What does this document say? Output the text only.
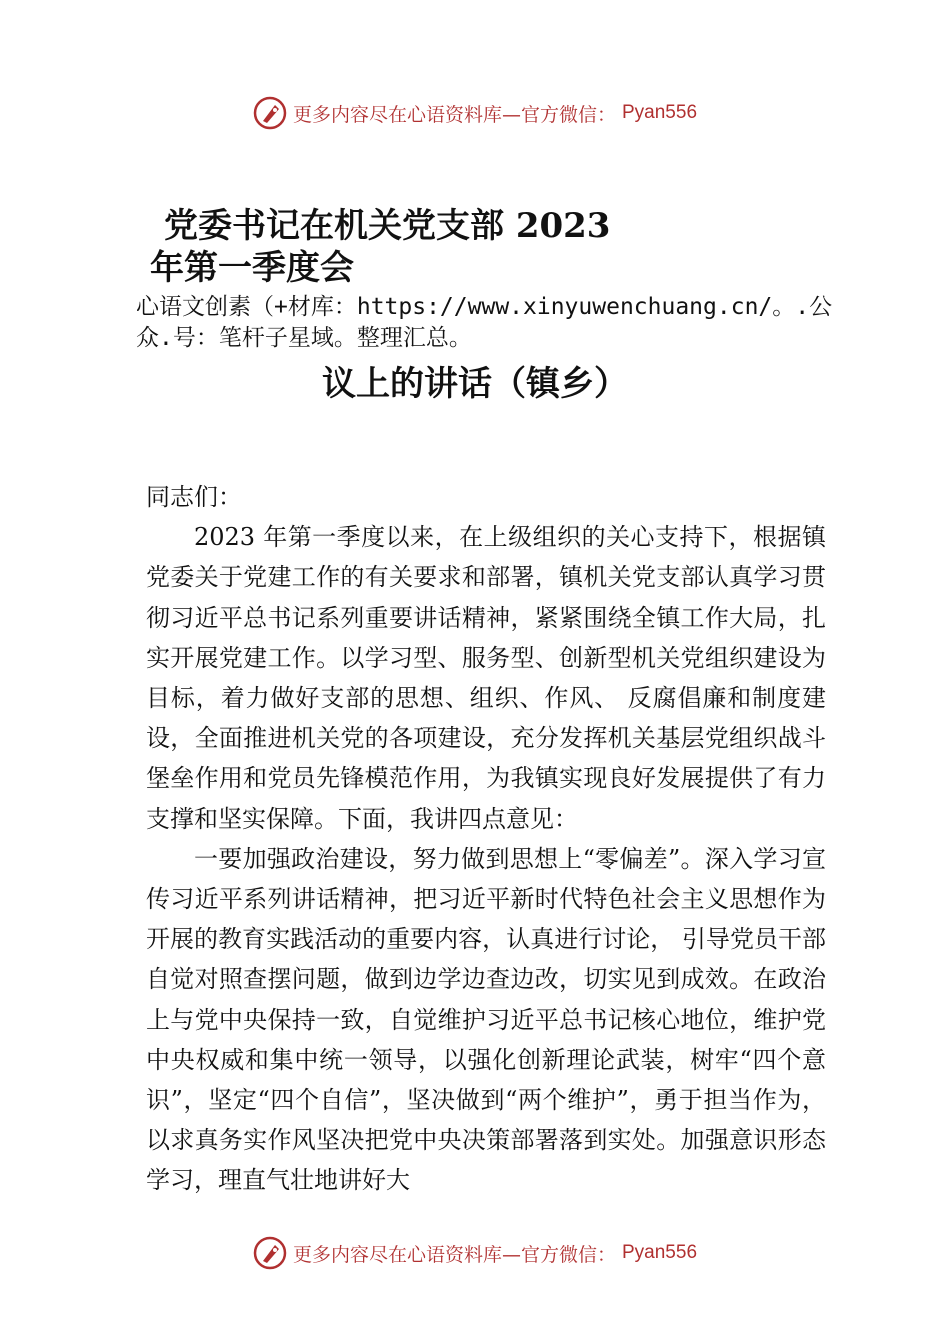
更多内容尽在心语资料库—官方微信： Pyan556
党委书记在机关党支部 2023
年第一季度会
心语文创素（+材库：https://www.xinyuwenchuang.cn/。.公众.号：笔杆子星域。整理汇总。
议上的讲话（镇乡）

同志们：

2023 年第一季度以来，在上级组织的关心支持下，根据镇党委关于党建工作的有关要求和部署，镇机关党支部认真学习贯彻习近平总书记系列重要讲话精神，紧紧围绕全镇工作大局，扎实开展党建工作。以学习型、服务型、创新型机关党组织建设为目标，着力做好支部的思想、组织、作风、 反腐倡廉和制度建设，全面推进机关党的各项建设，充分发挥机关基层党组织战斗堡垒作用和党员先锋模范作用，为我镇实现良好发展提供了有力支撑和坚实保障。下面，我讲四点意见：

一要加强政治建设，努力做到思想上“零偏差”。深入学习宣传习近平系列讲话精神，把习近平新时代特色社会主义思想作为开展的教育实践活动的重要内容，认真进行讨论， 引导党员干部自觉对照查摆问题，做到边学边查边改，切实见到成效。在政治上与党中央保持一致，自觉维护习近平总书记核心地位，维护党中央权威和集中统一领导，以强化创新理论武装，树牢“四个意识”，坚定“四个自信”，坚决做到“两个维护”，勇于担当作为，以求真务实作风坚决把党中央决策部署落到实处。加强意识形态学习，理直气壮地讲好大

更多内容尽在心语资料库—官方微信： Pyan556
